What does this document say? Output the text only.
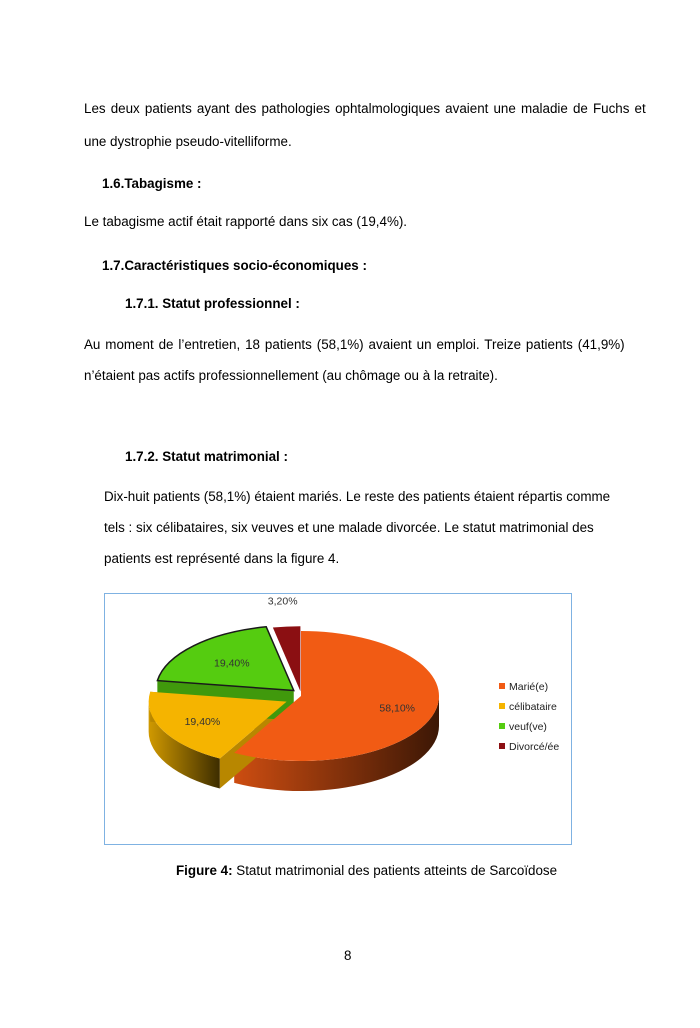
Les deux patients ayant des pathologies ophtalmologiques avaient une maladie de Fuchs et
une dystrophie pseudo-vitelliforme.
1.6.Tabagisme :
Le tabagisme actif était rapporté dans six cas (19,4%).
1.7.Caractéristiques socio-économiques :
1.7.1. Statut professionnel :
Au moment de l’entretien, 18 patients (58,1%) avaient un emploi. Treize patients (41,9%)
n’étaient pas actifs professionnellement (au chômage ou à la retraite).
1.7.2. Statut matrimonial :
Dix-huit patients (58,1%) étaient mariés. Le reste des patients étaient répartis comme
tels : six célibataires, six veuves et une malade divorcée. Le statut matrimonial des
patients est représenté dans la figure 4.
58,10%
19,40%
19,40%
3,20%
Marié(e)
célibataire
veuf(ve)
Divorcé/ée
Figure 4: Statut matrimonial des patients atteints de Sarcoïdose
8
